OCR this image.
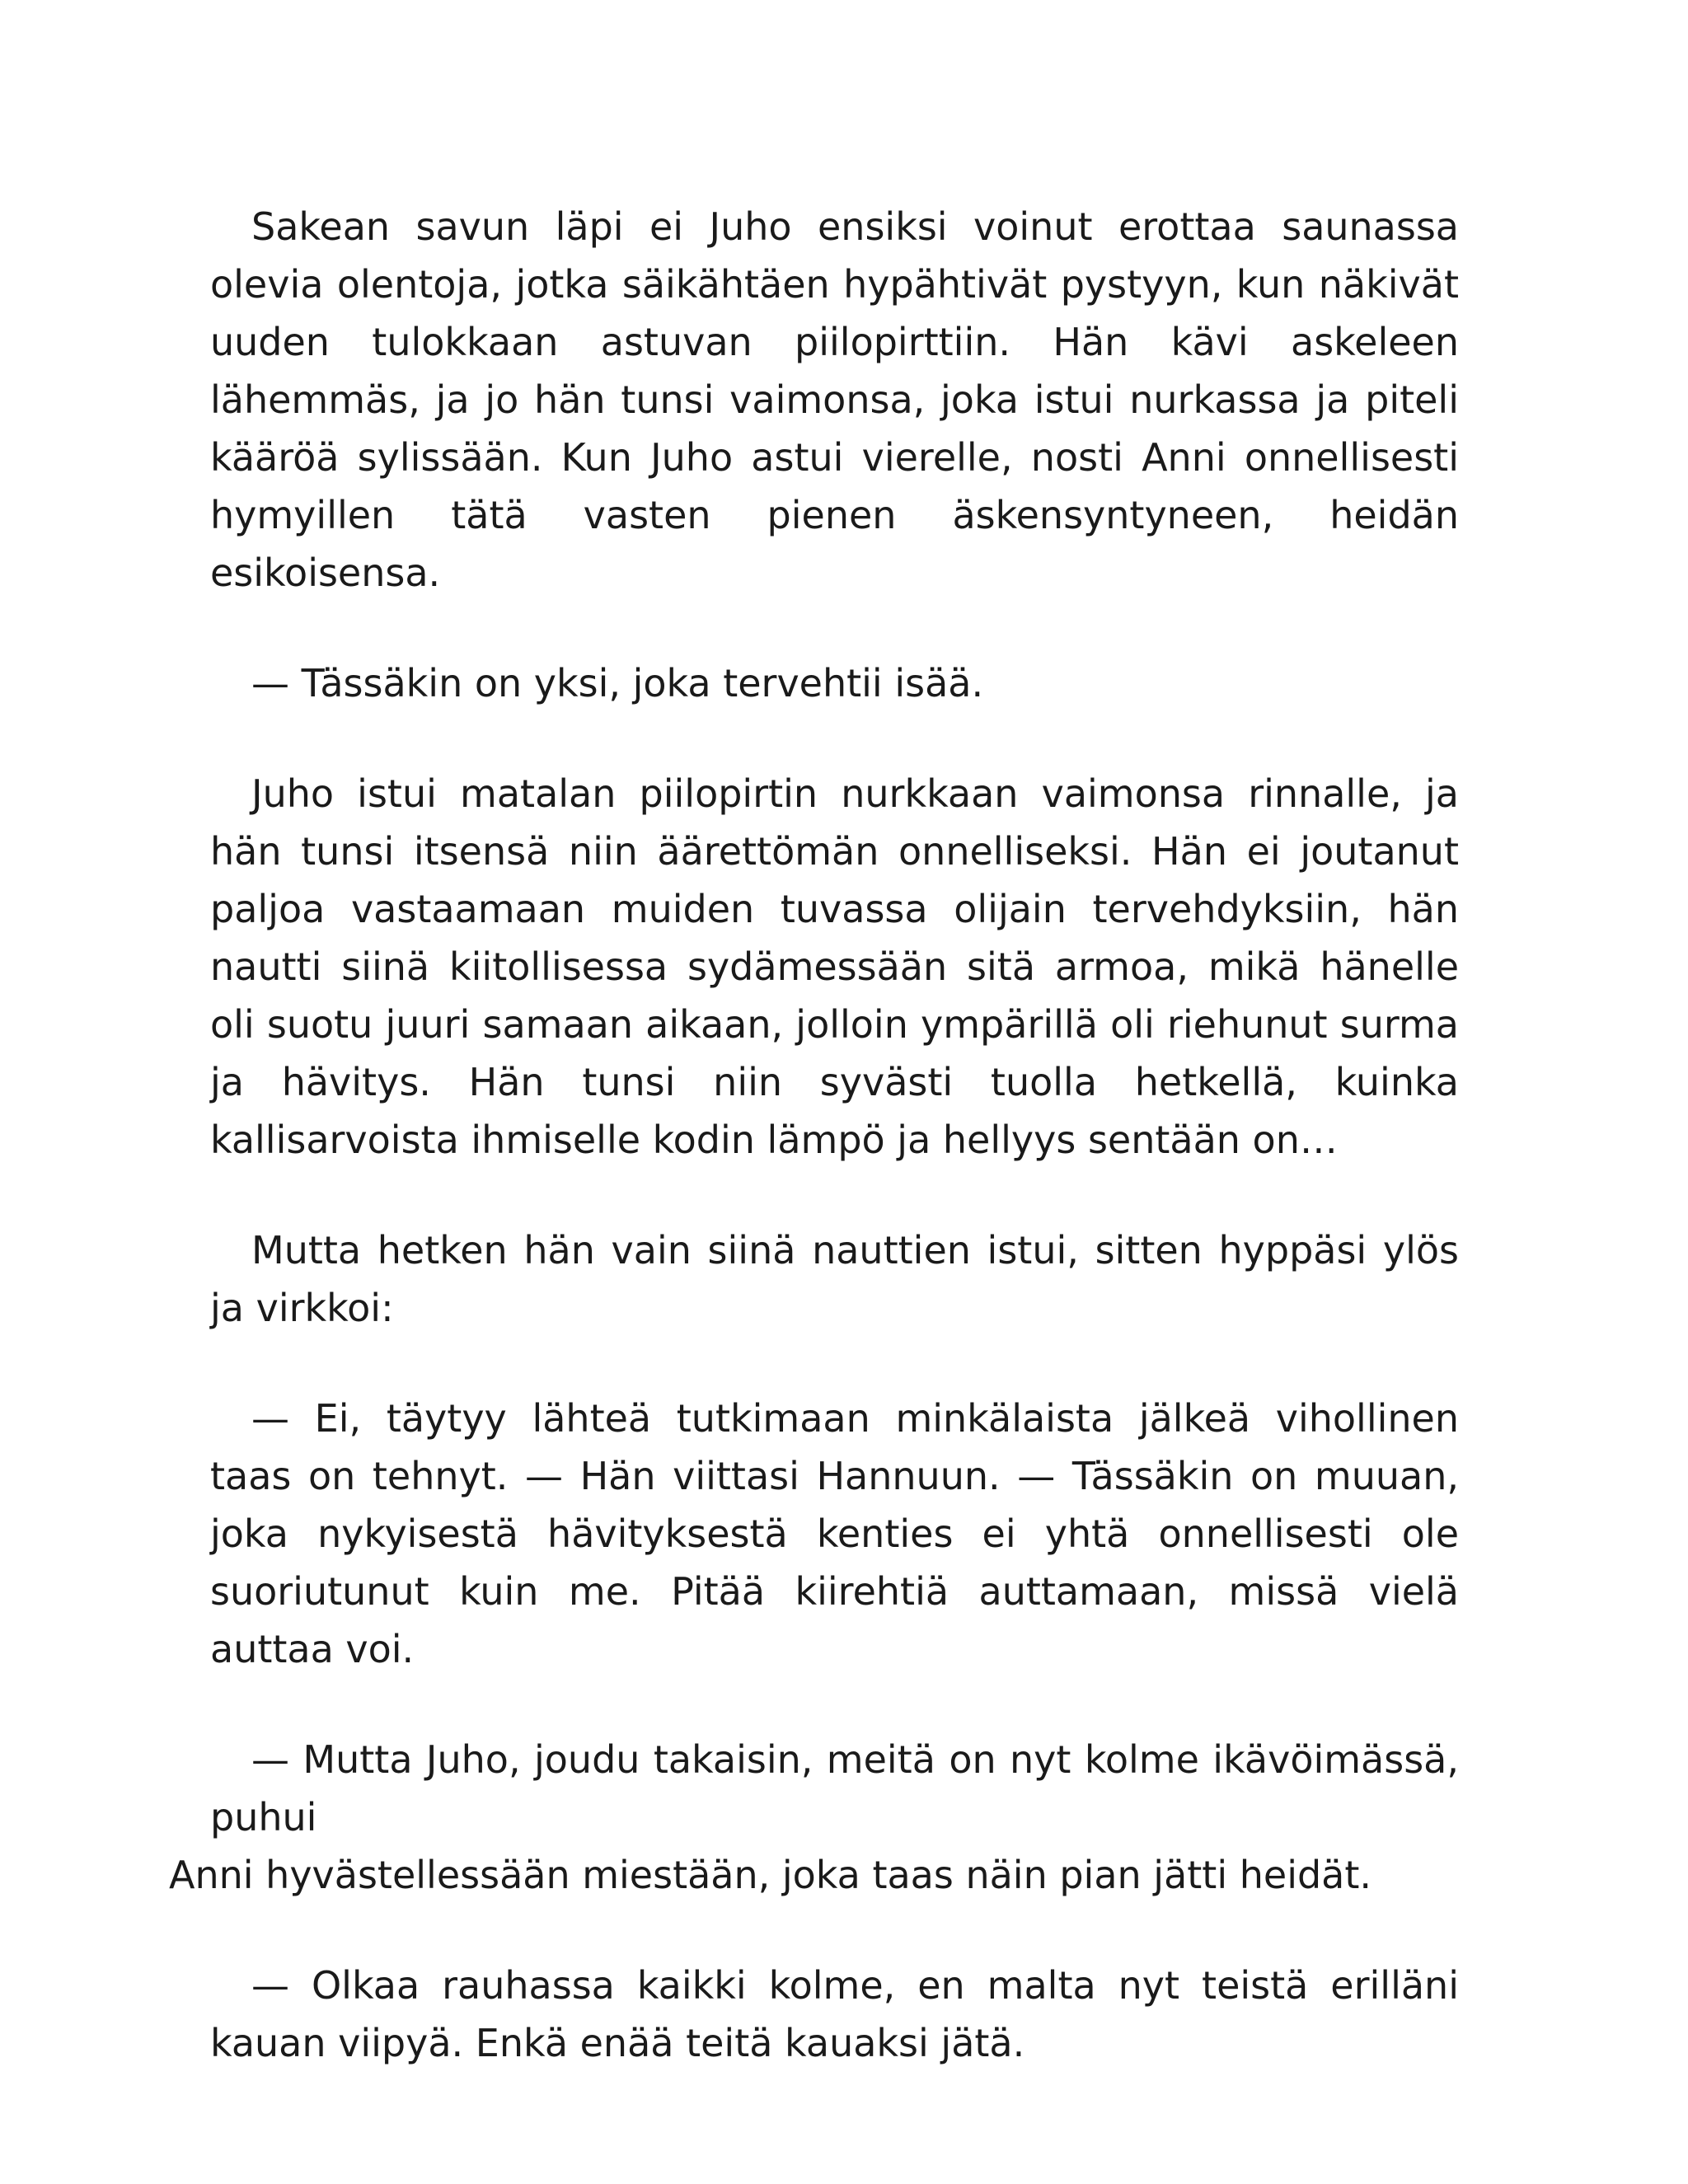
Sakean savun läpi ei Juho ensiksi voinut erottaa saunassa olevia olentoja, jotka säikähtäen hypähtivät pystyyn, kun näkivät uuden tulokkaan astuvan piilopirttiin. Hän kävi askeleen lähemmäs, ja jo hän tunsi vaimonsa, joka istui nurkassa ja piteli kääröä sylissään. Kun Juho astui vierelle, nosti Anni onnellisesti hymyillen tätä vasten pienen äskensyntyneen, heidän esikoisensa.

— Tässäkin on yksi, joka tervehtii isää.

Juho istui matalan piilopirtin nurkkaan vaimonsa rinnalle, ja hän tunsi itsensä niin äärettömän onnelliseksi. Hän ei joutanut paljoa vastaamaan muiden tuvassa olijain tervehdyksiin, hän nautti siinä kiitollisessa sydämessään sitä armoa, mikä hänelle oli suotu juuri samaan aikaan, jolloin ympärillä oli riehunut surma ja hävitys. Hän tunsi niin syvästi tuolla hetkellä, kuinka kallisarvoista ihmiselle kodin lämpö ja hellyys sentään on…

Mutta hetken hän vain siinä nauttien istui, sitten hyppäsi ylös ja virkkoi:

— Ei, täytyy lähteä tutkimaan minkälaista jälkeä vihollinen taas on tehnyt. — Hän viittasi Hannuun. — Tässäkin on muuan, joka nykyisestä hävityksestä kenties ei yhtä onnellisesti ole suoriutunut kuin me. Pitää kiirehtiä auttamaan, missä vielä auttaa voi.

— Mutta Juho, joudu takaisin, meitä on nyt kolme ikävöimässä, puhui
Anni hyvästellessään miestään, joka taas näin pian jätti heidät.

— Olkaa rauhassa kaikki kolme, en malta nyt teistä erilläni kauan viipyä. Enkä enää teitä kauaksi jätä.
